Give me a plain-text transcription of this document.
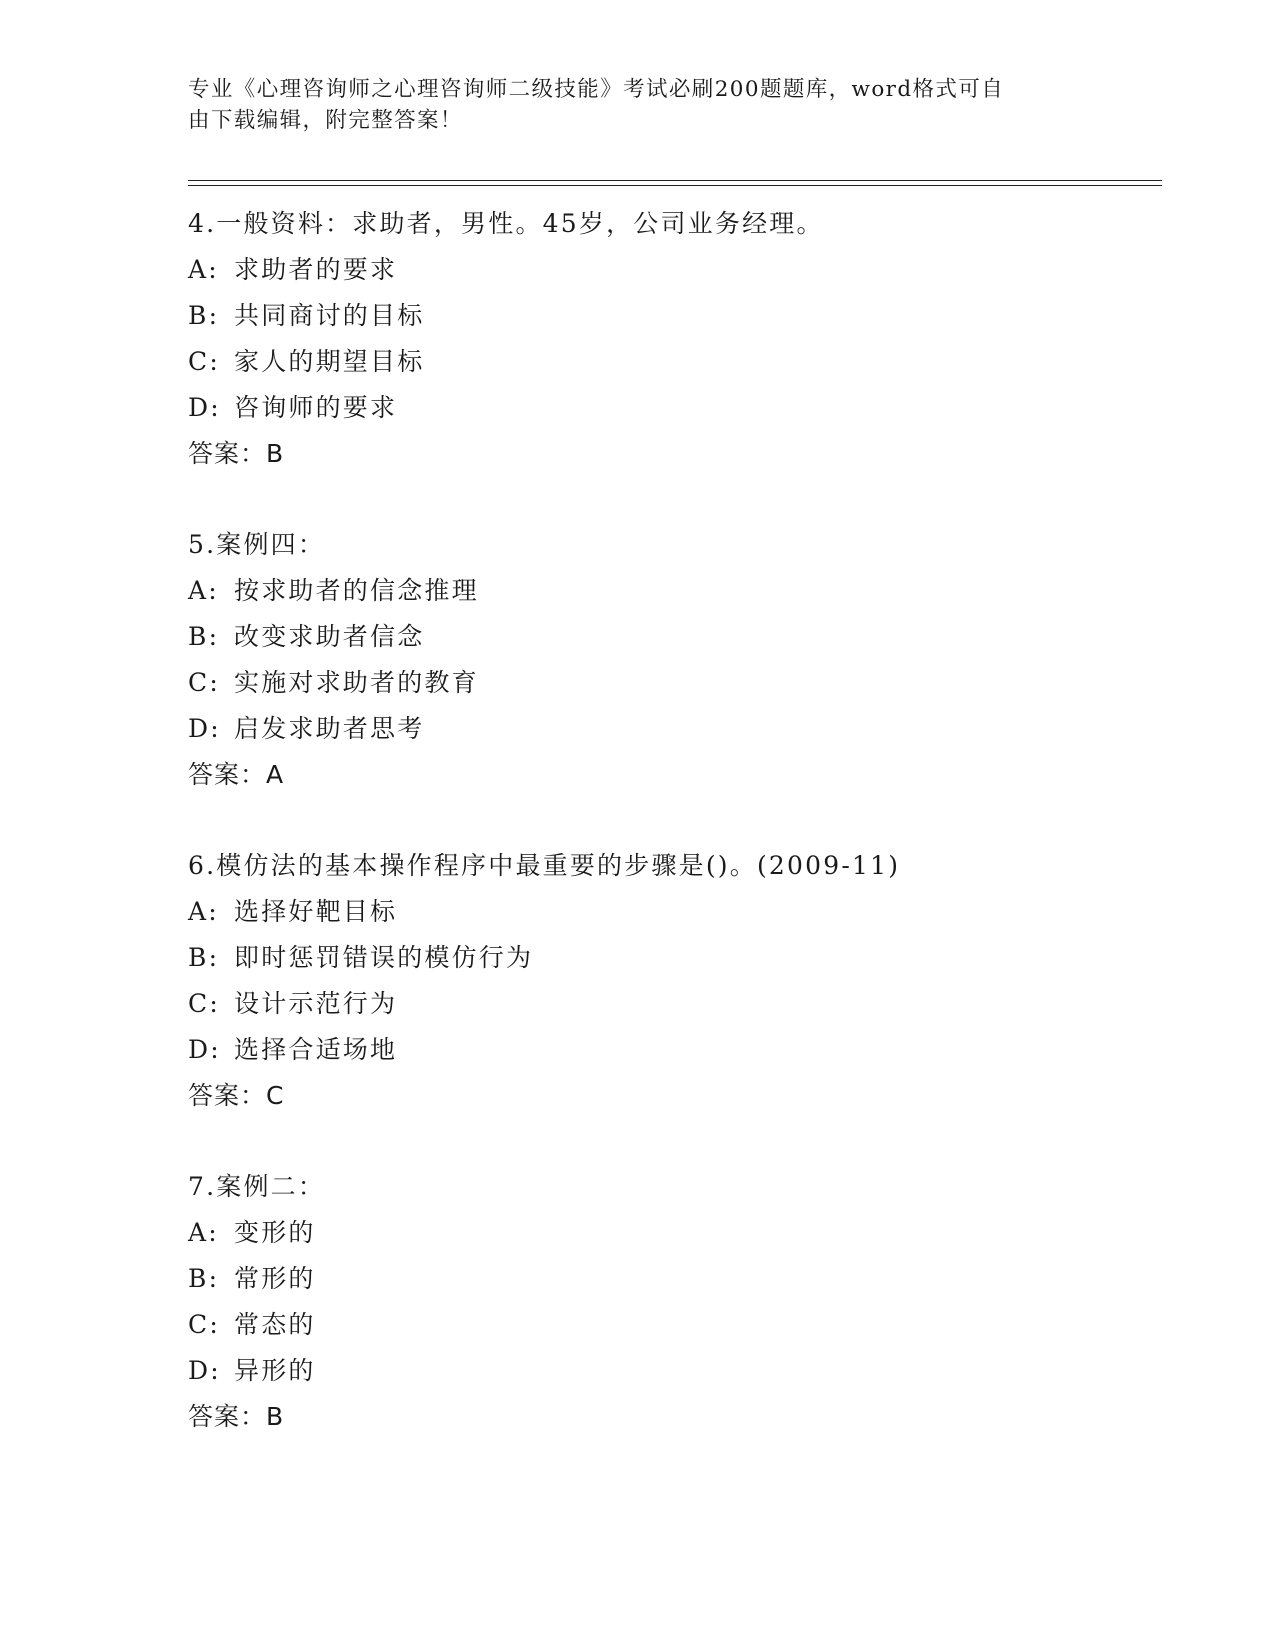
专业《心理咨询师之心理咨询师二级技能》考试必刷200题题库，word格式可自
由下载编辑，附完整答案！
4.一般资料：求助者，男性。45岁，公司业务经理。
A: 求助者的要求
B: 共同商讨的目标
C: 家人的期望目标
D: 咨询师的要求
答案：B
5.案例四：
A: 按求助者的信念推理
B: 改变求助者信念
C: 实施对求助者的教育
D: 启发求助者思考
答案：A
6.模仿法的基本操作程序中最重要的步骤是()。(2009-11)
A: 选择好靶目标
B: 即时惩罚错误的模仿行为
C: 设计示范行为
D: 选择合适场地
答案：C
7.案例二：
A: 变形的
B: 常形的
C: 常态的
D: 异形的
答案：B
